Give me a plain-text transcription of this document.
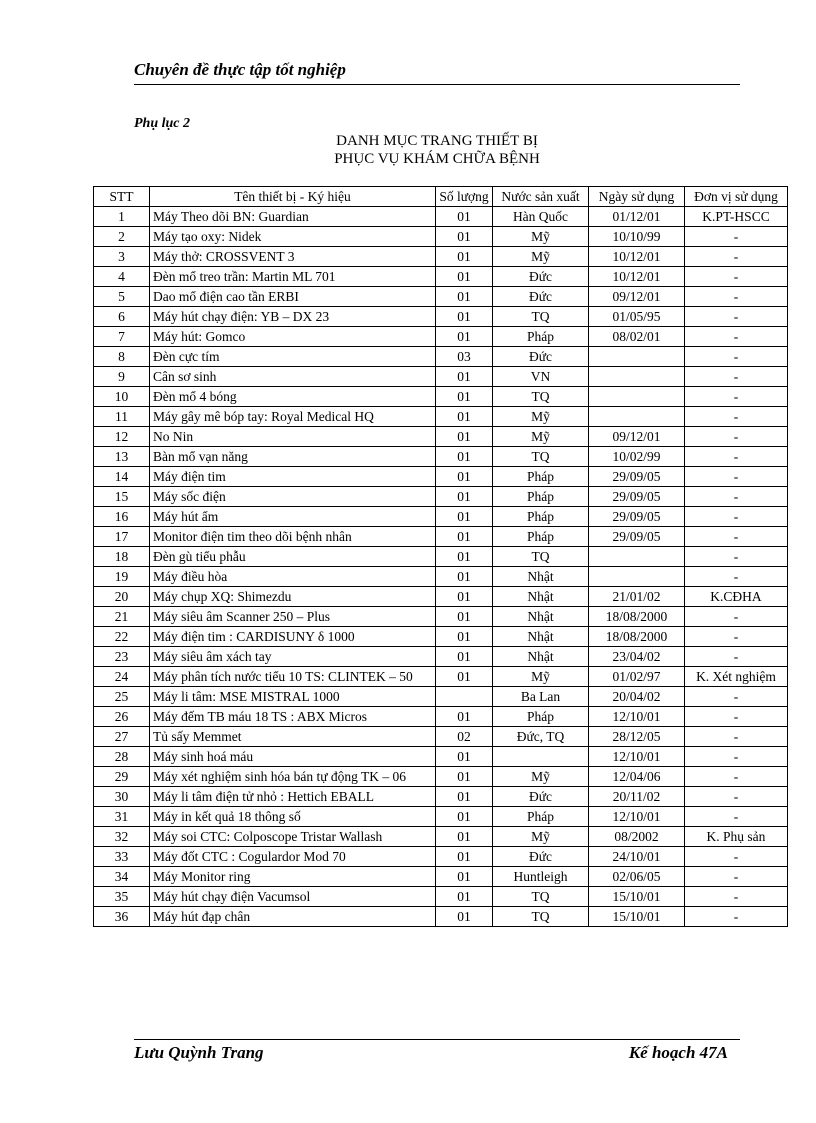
Chuyên đề thực tập tốt nghiệp
Phụ lục 2
DANH MỤC TRANG THIẾT BỊ
PHỤC VỤ KHÁM CHỮA BỆNH
STT	Tên thiết bị - Ký hiệu	Số lượng	Nước sản xuất	Ngày sử dụng	Đơn vị sử dụng
1	Máy Theo dõi BN: Guardian	01	Hàn Quốc	01/12/01	K.PT-HSCC
2	Máy tạo oxy: Nidek	01	Mỹ	10/10/99	-
3	Máy thở: CROSSVENT 3	01	Mỹ	10/12/01	-
4	Đèn mổ treo trần: Martin ML 701	01	Đức	10/12/01	-
5	Dao mổ điện cao tần ERBI	01	Đức	09/12/01	-
6	Máy hút chạy điện: YB – DX 23	01	TQ	01/05/95	-
7	Máy hút: Gomco	01	Pháp	08/02/01	-
8	Đèn cực tím	03	Đức		-
9	Cân sơ sinh	01	VN		-
10	Đèn mổ 4 bóng	01	TQ		-
11	Máy gây mê bóp tay: Royal Medical HQ	01	Mỹ		-
12	No Nin	01	Mỹ	09/12/01	-
13	Bàn mổ vạn năng	01	TQ	10/02/99	-
14	Máy điện tim	01	Pháp	29/09/05	-
15	Máy sốc điện	01	Pháp	29/09/05	-
16	Máy hút ẩm	01	Pháp	29/09/05	-
17	Monitor điện tim theo dõi bệnh nhân	01	Pháp	29/09/05	-
18	Đèn gù tiểu phẫu	01	TQ		-
19	Máy điều hòa	01	Nhật		-
20	Máy chụp XQ: Shimezdu	01	Nhật	21/01/02	K.CĐHA
21	Máy siêu âm Scanner 250 – Plus	01	Nhật	18/08/2000	-
22	Máy điện tim : CARDISUNY δ 1000	01	Nhật	18/08/2000	-
23	Máy siêu âm xách tay	01	Nhật	23/04/02	-
24	Máy phân tích nước tiểu 10 TS: CLINTEK – 50	01	Mỹ	01/02/97	K. Xét nghiệm
25	Máy li tâm: MSE MISTRAL 1000		Ba Lan	20/04/02	-
26	Máy đếm TB máu 18 TS : ABX Micros	01	Pháp	12/10/01	-
27	Tủ sấy Memmet	02	Đức, TQ	28/12/05	-
28	Máy sinh hoá máu	01		12/10/01	-
29	Máy xét nghiệm sinh hóa bán tự động TK – 06	01	Mỹ	12/04/06	-
30	Máy li tâm điện tử nhỏ : Hettich EBALL	01	Đức	20/11/02	-
31	Máy in kết quả 18 thông số	01	Pháp	12/10/01	-
32	Máy soi CTC: Colposcope Tristar Wallash	01	Mỹ	08/2002	K. Phụ sản
33	Máy đốt CTC : Cogulardor Mod 70	01	Đức	24/10/01	-
34	Máy Monitor ring	01	Huntleigh	02/06/05	-
35	Máy hút chạy điện Vacumsol	01	TQ	15/10/01	-
36	Máy hút đạp chân	01	TQ	15/10/01	-
Lưu Quỳnh Trang	Kế hoạch 47A
